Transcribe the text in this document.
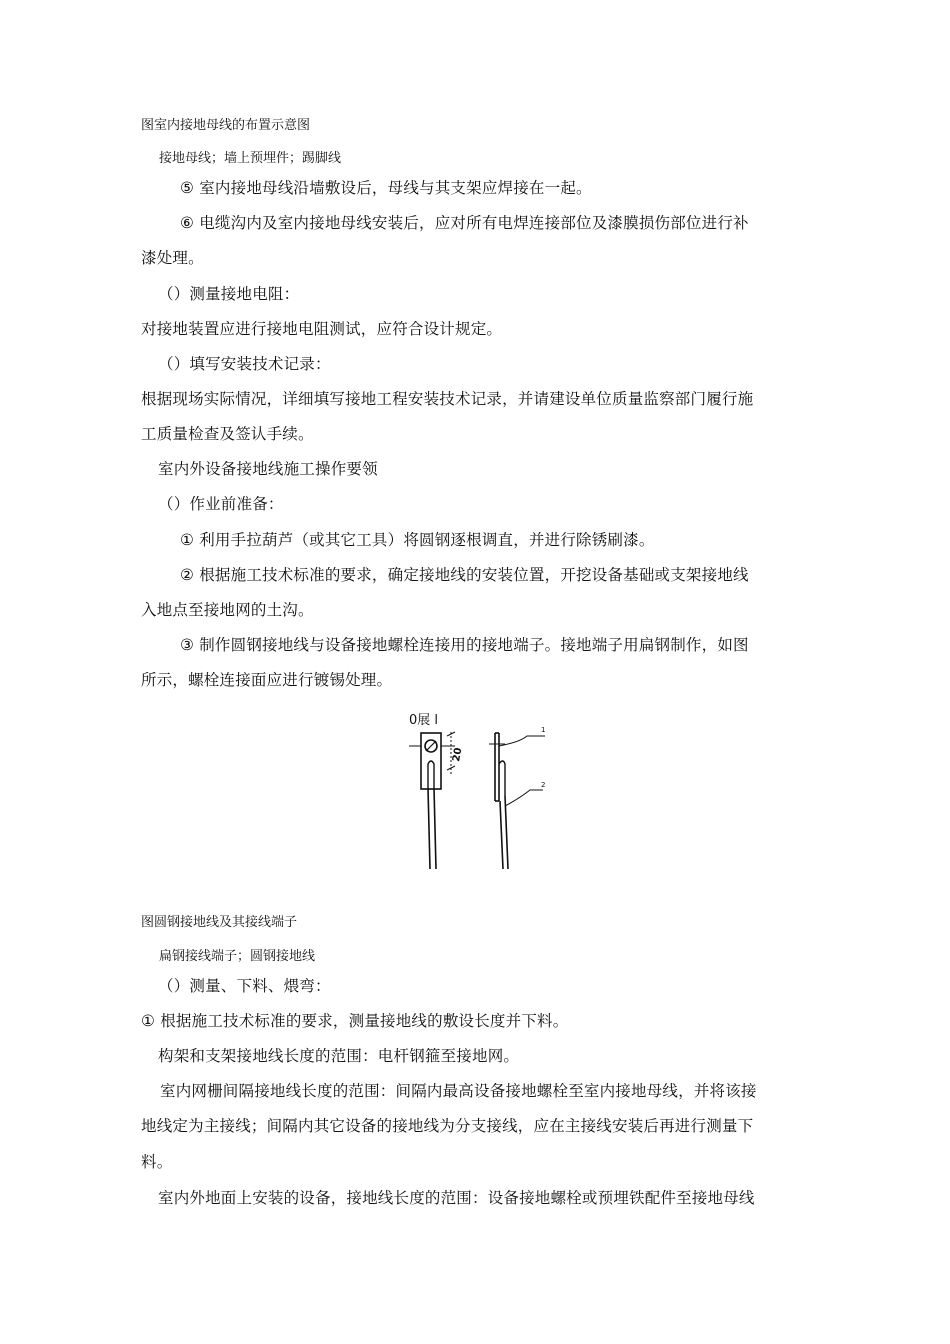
图室内接地母线的布置示意图
接地母线；墙上预埋件；踢脚线
⑤ 室内接地母线沿墙敷设后，母线与其支架应焊接在一起。
⑥ 电缆沟内及室内接地母线安装后，应对所有电焊连接部位及漆膜损伤部位进行补
漆处理。
（）测量接地电阻：
对接地装置应进行接地电阻测试，应符合设计规定。
（）填写安装技术记录：
根据现场实际情况，详细填写接地工程安装技术记录，并请建设单位质量监察部门履行施
工质量检查及签认手续。
室内外设备接地线施工操作要领
（）作业前准备：
① 利用手拉葫芦（或其它工具）将圆钢逐根调直，并进行除锈刷漆。
② 根据施工技术标准的要求，确定接地线的安装位置，开挖设备基础或支架接地线
入地点至接地网的土沟。
③ 制作圆钢接地线与设备接地螺栓连接用的接地端子。接地端子用扁钢制作，如图
所示，螺栓连接面应进行镀锡处理。
0展 l
20
1
2
图圆钢接地线及其接线端子
扁钢接线端子；圆钢接地线
（）测量、下料、煨弯：
① 根据施工技术标准的要求，测量接地线的敷设长度并下料。
构架和支架接地线长度的范围：电杆钢箍至接地网。
室内网栅间隔接地线长度的范围：间隔内最高设备接地螺栓至室内接地母线，并将该接
地线定为主接线；间隔内其它设备的接地线为分支接线，应在主接线安装后再进行测量下
料。
室内外地面上安装的设备，接地线长度的范围：设备接地螺栓或预埋铁配件至接地母线
